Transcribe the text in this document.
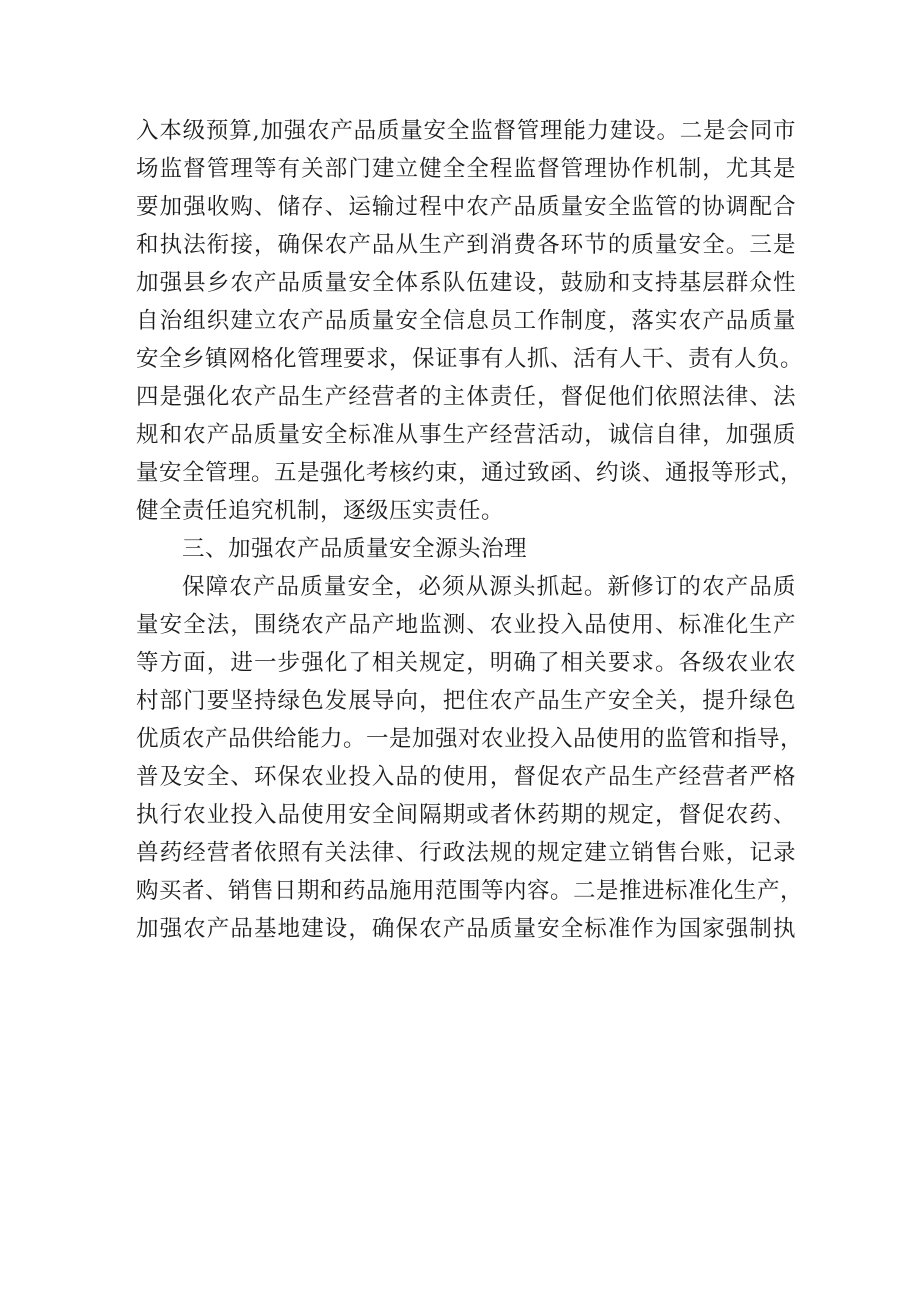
入本级预算,加强农产品质量安全监督管理能力建设。二是会同市
场监督管理等有关部门建立健全全程监督管理协作机制，尤其是
要加强收购、储存、运输过程中农产品质量安全监管的协调配合
和执法衔接，确保农产品从生产到消费各环节的质量安全。三是
加强县乡农产品质量安全体系队伍建设，鼓励和支持基层群众性
自治组织建立农产品质量安全信息员工作制度，落实农产品质量
安全乡镇网格化管理要求，保证事有人抓、活有人干、责有人负。
四是强化农产品生产经营者的主体责任，督促他们依照法律、法
规和农产品质量安全标准从事生产经营活动，诚信自律，加强质
量安全管理。五是强化考核约束，通过致函、约谈、通报等形式，
健全责任追究机制，逐级压实责任。
三、加强农产品质量安全源头治理
保障农产品质量安全，必须从源头抓起。新修订的农产品质
量安全法，围绕农产品产地监测、农业投入品使用、标准化生产
等方面，进一步强化了相关规定，明确了相关要求。各级农业农
村部门要坚持绿色发展导向，把住农产品生产安全关，提升绿色
优质农产品供给能力。一是加强对农业投入品使用的监管和指导，
普及安全、环保农业投入品的使用，督促农产品生产经营者严格
执行农业投入品使用安全间隔期或者休药期的规定，督促农药、
兽药经营者依照有关法律、行政法规的规定建立销售台账，记录
购买者、销售日期和药品施用范围等内容。二是推进标准化生产，
加强农产品基地建设，确保农产品质量安全标准作为国家强制执
